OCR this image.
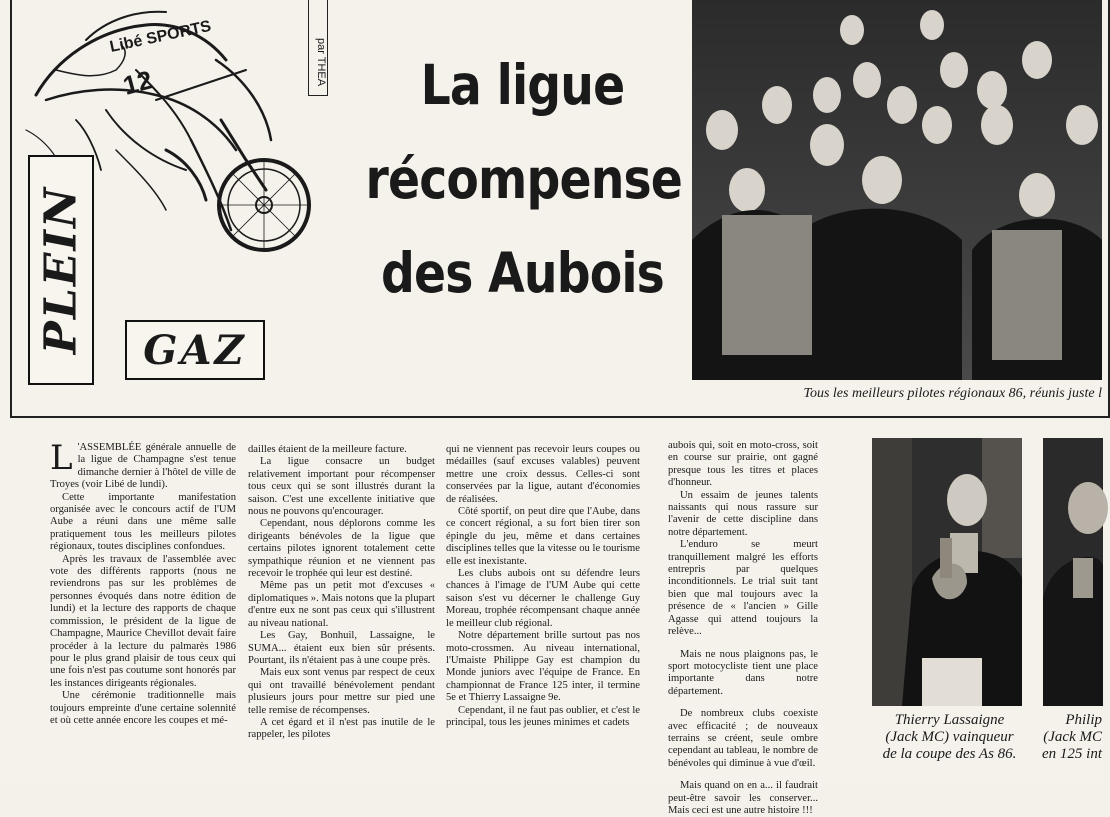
Libé SPORTS
12	par THEA
PLEIN GAZ
La ligue
récompense
des Aubois
Tous les meilleurs pilotes régionaux 86, réunis juste l

L 'ASSEMBLÉE générale annuelle de la ligue de Champagne s'est tenue dimanche dernier à l'hôtel de ville de Troyes (voir Libé de lundi).

Cette importante manifestation organisée avec le concours actif de l'UM Aube a réuni dans une même salle pratiquement tous les meilleurs pilotes régionaux, toutes disciplines confondues.

Après les travaux de l'assemblée avec vote des différents rapports (nous ne reviendrons pas sur les problèmes de personnes évoqués dans notre édition de lundi) et la lecture des rapports de chaque commission, le président de la ligue de Champagne, Maurice Chevillot devait faire procéder à la lecture du palmarès 1986 pour le plus grand plaisir de tous ceux qui une fois n'est pas coutume sont honorés par les instances dirigeants régionales.

Une cérémonie traditionnelle mais toujours empreinte d'une certaine solennité et où cette année encore les coupes et mé-

dailles étaient de la meilleure facture.

La ligue consacre un budget relativement important pour récompenser tous ceux qui se sont illustrés durant la saison. C'est une excellente initiative que nous ne pouvons qu'encourager.

Cependant, nous déplorons comme les dirigeants bénévoles de la ligue que certains pilotes ignorent totalement cette sympathique réunion et ne viennent pas recevoir le trophée qui leur est destiné.

Même pas un petit mot d'excuses « diplomatiques ». Mais notons que la plupart d'entre eux ne sont pas ceux qui s'illustrent au niveau national.

Les Gay, Bonhuil, Lassaigne, le SUMA... étaient eux bien sûr présents. Pourtant, ils n'étaient pas à une coupe près.

Mais eux sont venus par respect de ceux qui ont travaillé bénévolement pendant plusieurs jours pour mettre sur pied une telle remise de récompenses.

A cet égard et il n'est pas inutile de le rappeler, les pilotes

qui ne viennent pas recevoir leurs coupes ou médailles (sauf excuses valables) peuvent mettre une croix dessus. Celles-ci sont conservées par la ligue, autant d'économies de réalisées.

Côté sportif, on peut dire que l'Aube, dans ce concert régional, a su fort bien tirer son épingle du jeu, même et dans certaines disciplines telles que la vitesse ou le tourisme elle est inexistante.

Les clubs aubois ont su défendre leurs chances à l'image de l'UM Aube qui cette saison s'est vu décerner le challenge Guy Moreau, trophée récompensant chaque année le meilleur club régional.

Notre département brille surtout pas nos moto-crossmen. Au niveau international, l'Umaiste Philippe Gay est champion du Monde juniors avec l'équipe de France. En championnat de France 125 inter, il termine 5e et Thierry Lassaigne 9e.

Cependant, il ne faut pas oublier, et c'est le principal, tous les jeunes minimes et cadets

aubois qui, soit en moto-cross, soit en course sur prairie, ont gagné presque tous les titres et places d'honneur.

Un essaim de jeunes talents naissants qui nous rassure sur l'avenir de cette discipline dans notre département.

L'enduro se meurt tranquillement malgré les efforts entrepris par quelques inconditionnels. Le trial suit tant bien que mal toujours avec la présence de « l'ancien » Gille Agasse qui attend toujours la relève...

Mais ne nous plaignons pas, le sport motocycliste tient une place importante dans notre département.

De nombreux clubs coexiste avec efficacité ; de nouveaux terrains se créent, seule ombre cependant au tableau, le nombre de bénévoles qui diminue à vue d'œil.

Mais quand on en a... il faudrait peut-être savoir les conserver... Mais ceci est une autre histoire !!!

Thierry Lassaigne
(Jack MC) vainqueur
de la coupe des As 86.
Philip
(Jack MC
en 125 int
